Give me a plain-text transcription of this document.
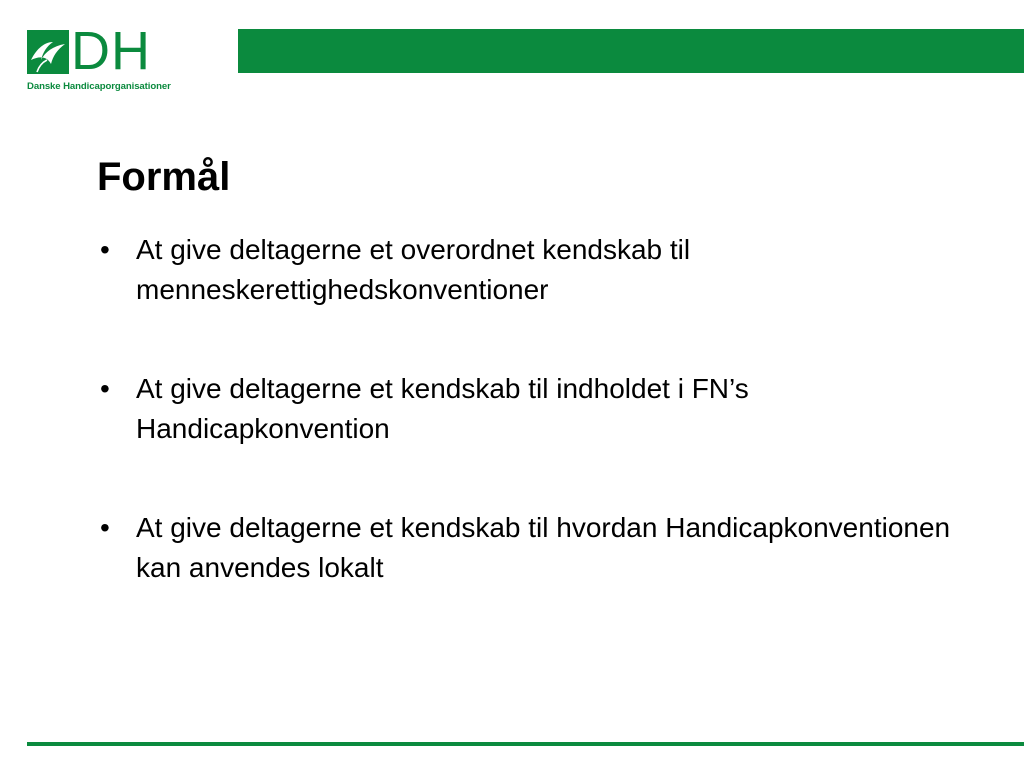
DH
Danske Handicaporganisationer
Formål
• At give deltagerne et overordnet kendskab til menneskerettighedskonventioner
• At give deltagerne et kendskab til indholdet i FN’s Handicapkonvention
• At give deltagerne et kendskab til hvordan Handicapkonventionen kan anvendes lokalt
